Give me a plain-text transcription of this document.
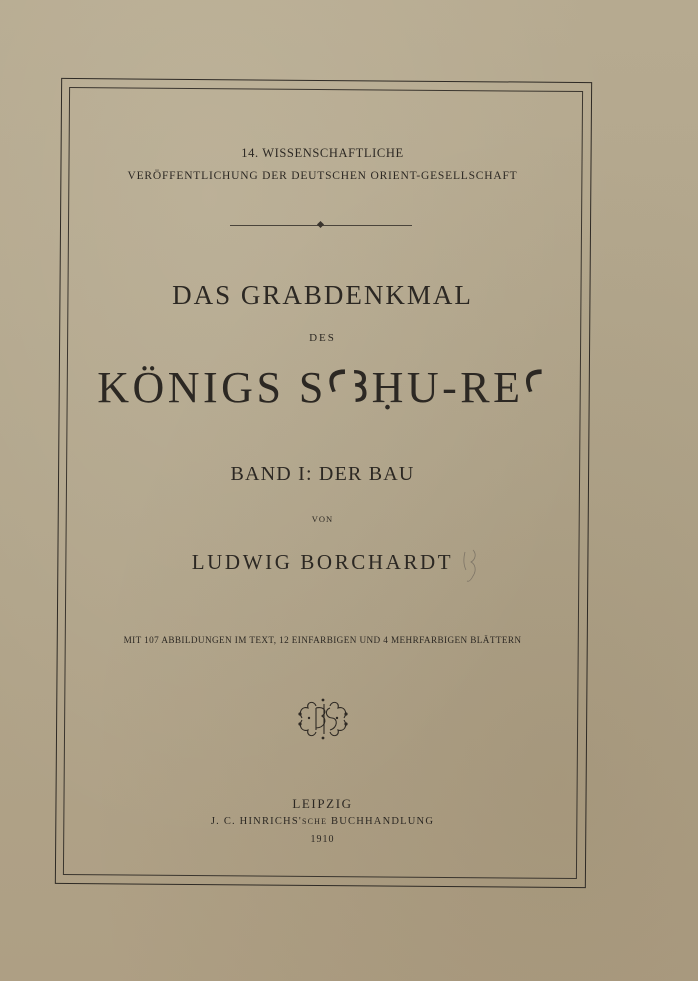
14. WISSENSCHAFTLICHE
VERÖFFENTLICHUNG DER DEUTSCHEN ORIENT-GESELLSCHAFT
DAS GRABDENKMAL
DES
KÖNIGS SꜤꜢḤU-REꜤ
BAND I: DER BAU
VON
LUDWIG BORCHARDT
MIT 107 ABBILDUNGEN IM TEXT, 12 EINFARBIGEN UND 4 MEHRFARBIGEN BLÄTTERN
LEIPZIG
J. C. HINRICHS'SCHE BUCHHANDLUNG
1910
